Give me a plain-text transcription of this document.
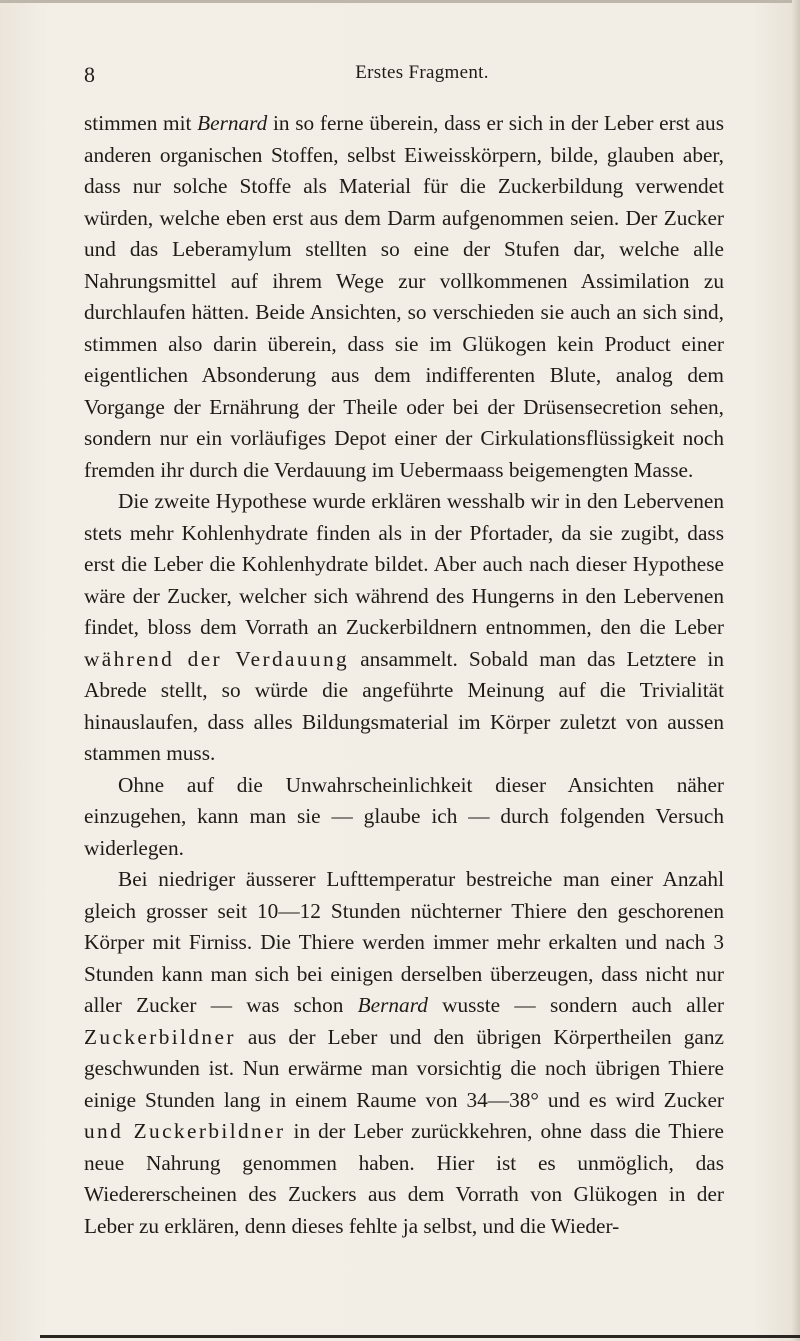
8	Erstes Fragment.

stimmen mit Bernard in so ferne überein, dass er sich in der Leber erst aus anderen organischen Stoffen, selbst Eiweisskörpern, bilde, glauben aber, dass nur solche Stoffe als Material für die Zuckerbildung verwendet würden, welche eben erst aus dem Darm aufgenommen seien. Der Zucker und das Leberamylum stellten so eine der Stufen dar, welche alle Nahrungsmittel auf ihrem Wege zur vollkommenen Assimilation zu durchlaufen hätten. Beide Ansichten, so verschieden sie auch an sich sind, stimmen also darin überein, dass sie im Glükogen kein Product einer eigentlichen Absonderung aus dem indifferenten Blute, analog dem Vorgange der Ernährung der Theile oder bei der Drüsensecretion sehen, sondern nur ein vorläufiges Depot einer der Cirkulationsflüssigkeit noch fremden ihr durch die Verdauung im Uebermaass beigemengten Masse.

Die zweite Hypothese wurde erklären wesshalb wir in den Lebervenen stets mehr Kohlenhydrate finden als in der Pfortader, da sie zugibt, dass erst die Leber die Kohlenhydrate bildet. Aber auch nach dieser Hypothese wäre der Zucker, welcher sich während des Hungerns in den Lebervenen findet, bloss dem Vorrath an Zuckerbildnern entnommen, den die Leber während der Verdauung ansammelt. Sobald man das Letztere in Abrede stellt, so würde die angeführte Meinung auf die Trivialität hinauslaufen, dass alles Bildungsmaterial im Körper zuletzt von aussen stammen muss.

Ohne auf die Unwahrscheinlichkeit dieser Ansichten näher einzugehen, kann man sie — glaube ich — durch folgenden Versuch widerlegen.

Bei niedriger äusserer Lufttemperatur bestreiche man einer Anzahl gleich grosser seit 10—12 Stunden nüchterner Thiere den geschorenen Körper mit Firniss. Die Thiere werden immer mehr erkalten und nach 3 Stunden kann man sich bei einigen derselben überzeugen, dass nicht nur aller Zucker — was schon Bernard wusste — sondern auch aller Zuckerbildner aus der Leber und den übrigen Körpertheilen ganz geschwunden ist. Nun erwärme man vorsichtig die noch übrigen Thiere einige Stunden lang in einem Raume von 34—38° und es wird Zucker und Zuckerbildner in der Leber zurückkehren, ohne dass die Thiere neue Nahrung genommen haben. Hier ist es unmöglich, das Wiedererscheinen des Zuckers aus dem Vorrath von Glükogen in der Leber zu erklären, denn dieses fehlte ja selbst, und die Wieder-
